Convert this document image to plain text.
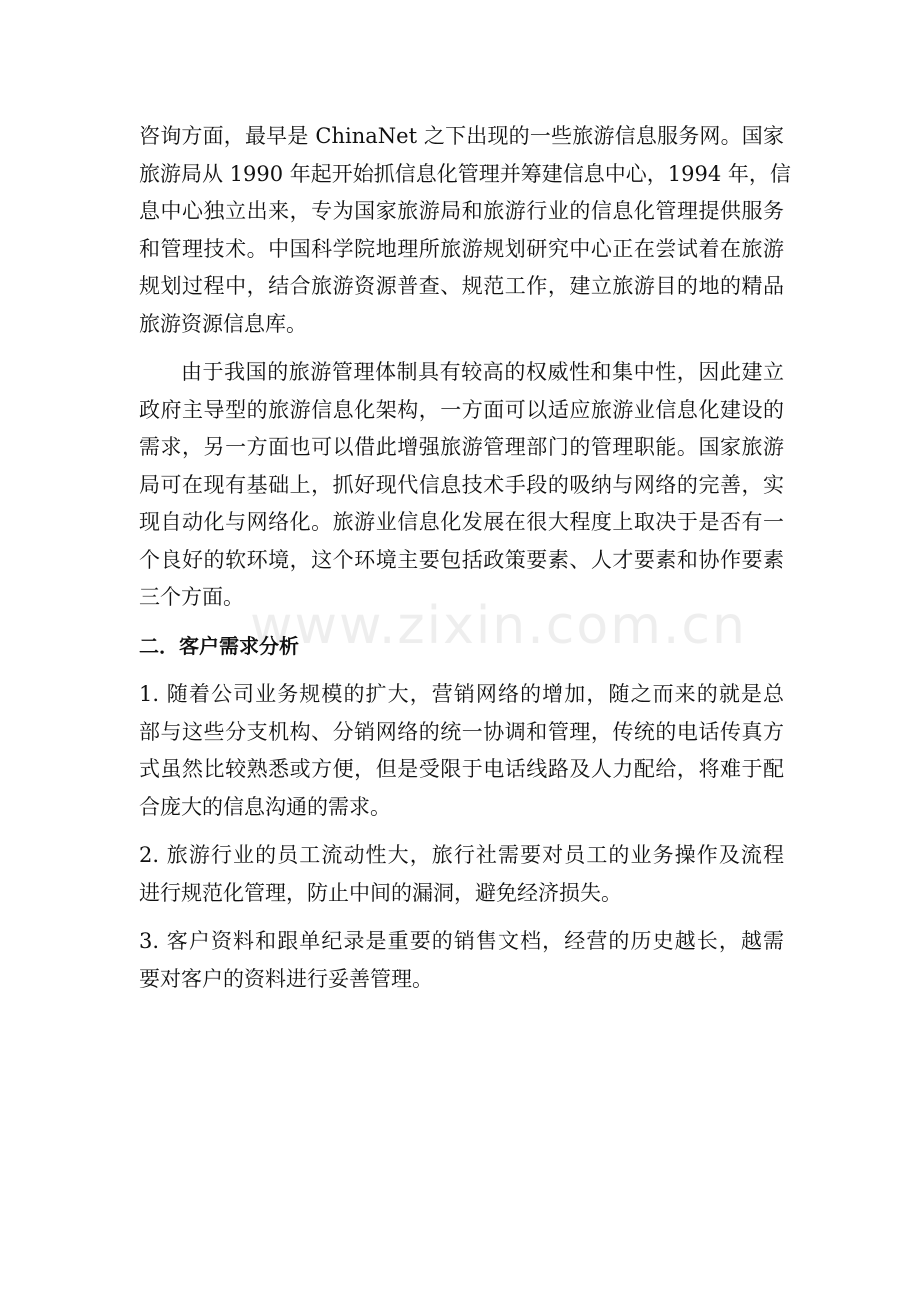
www.zixin.com.cn
咨询方面，最早是 ChinaNet 之下出现的一些旅游信息服务网。国家
旅游局从 1990 年起开始抓信息化管理并筹建信息中心，1994 年，信
息中心独立出来，专为国家旅游局和旅游行业的信息化管理提供服务
和管理技术。中国科学院地理所旅游规划研究中心正在尝试着在旅游
规划过程中，结合旅游资源普查、规范工作，建立旅游目的地的精品
旅游资源信息库。
由于我国的旅游管理体制具有较高的权威性和集中性，因此建立
政府主导型的旅游信息化架构，一方面可以适应旅游业信息化建设的
需求，另一方面也可以借此增强旅游管理部门的管理职能。国家旅游
局可在现有基础上，抓好现代信息技术手段的吸纳与网络的完善，实
现自动化与网络化。旅游业信息化发展在很大程度上取决于是否有一
个良好的软环境，这个环境主要包括政策要素、人才要素和协作要素
三个方面。
二．客户需求分析
1. 随着公司业务规模的扩大，营销网络的增加，随之而来的就是总
部与这些分支机构、分销网络的统一协调和管理，传统的电话传真方
式虽然比较熟悉或方便，但是受限于电话线路及人力配给，将难于配
合庞大的信息沟通的需求。
2. 旅游行业的员工流动性大，旅行社需要对员工的业务操作及流程
进行规范化管理，防止中间的漏洞，避免经济损失。
3. 客户资料和跟单纪录是重要的销售文档，经营的历史越长，越需
要对客户的资料进行妥善管理。
